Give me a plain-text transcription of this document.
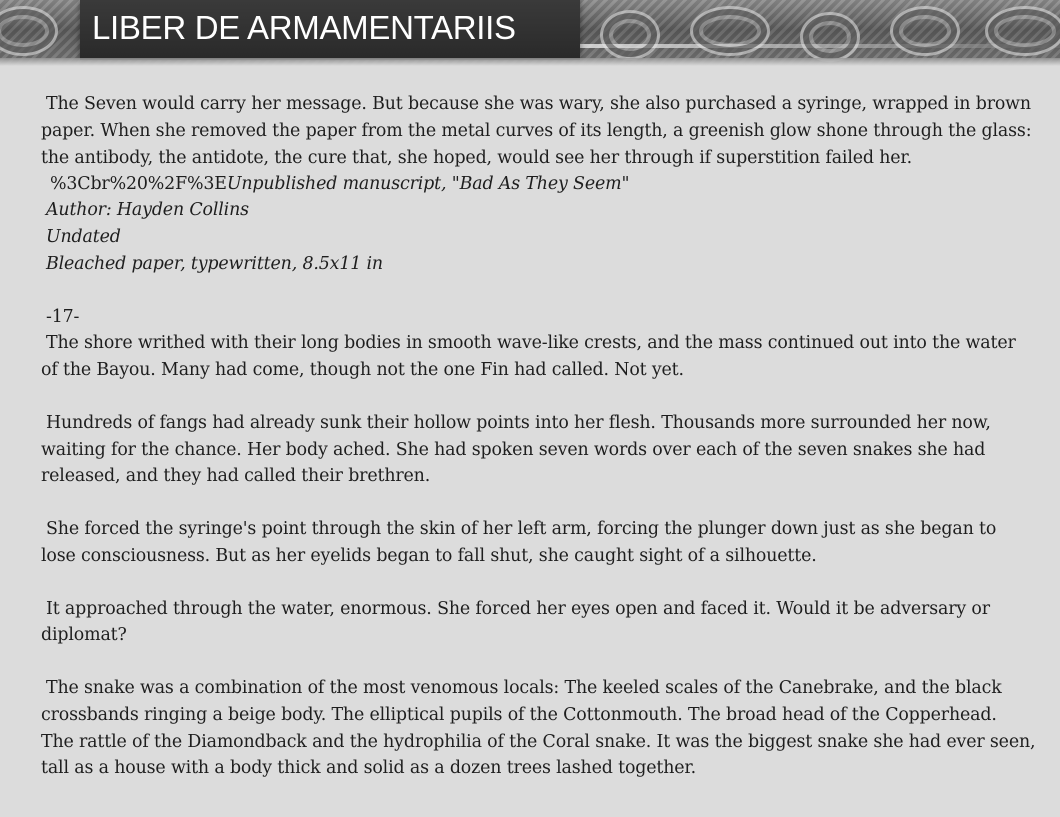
LIBER DE ARMAMENTARIIS
The Seven would carry her message. But because she was wary, she also purchased a syringe, wrapped in brown
paper. When she removed the paper from the metal curves of its length, a greenish glow shone through the glass:
the antibody, the antidote, the cure that, she hoped, would see her through if superstition failed her.
%3Cbr%20%2F%3EUnpublished manuscript, "Bad As They Seem"
Author: Hayden Collins
Undated
Bleached paper, typewritten, 8.5x11 in
-17-
The shore writhed with their long bodies in smooth wave-like crests, and the mass continued out into the water
of the Bayou. Many had come, though not the one Fin had called. Not yet.
Hundreds of fangs had already sunk their hollow points into her flesh. Thousands more surrounded her now,
waiting for the chance. Her body ached. She had spoken seven words over each of the seven snakes she had
released, and they had called their brethren.
She forced the syringe's point through the skin of her left arm, forcing the plunger down just as she began to
lose consciousness. But as her eyelids began to fall shut, she caught sight of a silhouette.
It approached through the water, enormous. She forced her eyes open and faced it. Would it be adversary or
diplomat?
The snake was a combination of the most venomous locals: The keeled scales of the Canebrake, and the black
crossbands ringing a beige body. The elliptical pupils of the Cottonmouth. The broad head of the Copperhead.
The rattle of the Diamondback and the hydrophilia of the Coral snake. It was the biggest snake she had ever seen,
tall as a house with a body thick and solid as a dozen trees lashed together.
